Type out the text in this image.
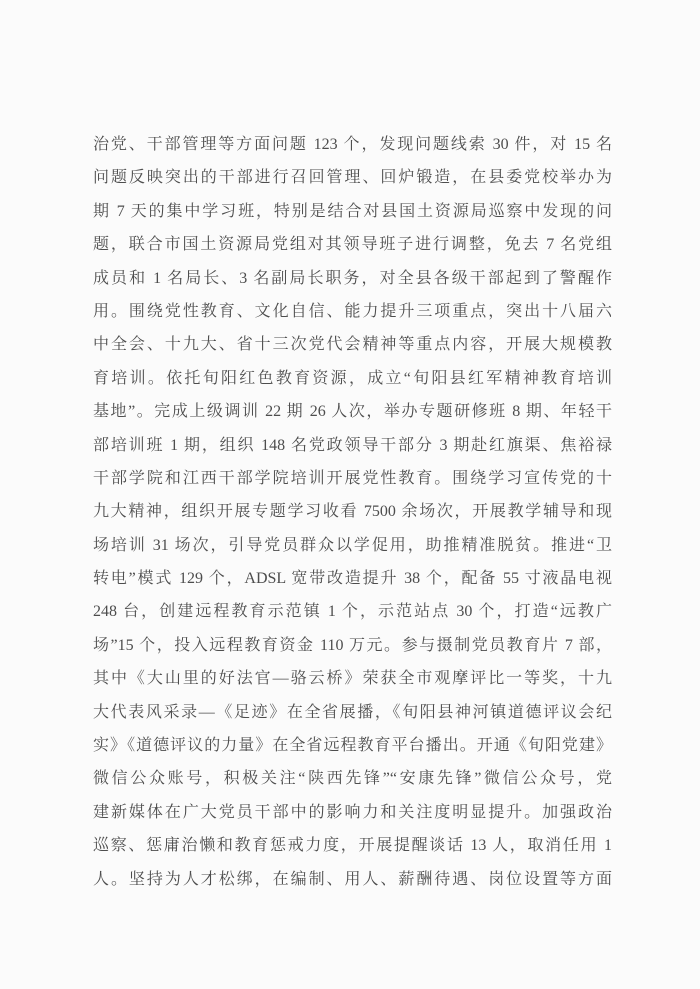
治党、干部管理等方面问题 123 个，发现问题线索 30 件，对 15 名
问题反映突出的干部进行召回管理、回炉锻造，在县委党校举办为
期 7 天的集中学习班，特别是结合对县国土资源局巡察中发现的问
题，联合市国土资源局党组对其领导班子进行调整，免去 7 名党组
成员和 1 名局长、3 名副局长职务，对全县各级干部起到了警醒作
用。围绕党性教育、文化自信、能力提升三项重点，突出十八届六
中全会、十九大、省十三次党代会精神等重点内容，开展大规模教
育培训。依托旬阳红色教育资源，成立“旬阳县红军精神教育培训
基地”。完成上级调训 22 期 26 人次，举办专题研修班 8 期、年轻干
部培训班 1 期，组织 148 名党政领导干部分 3 期赴红旗渠、焦裕禄
干部学院和江西干部学院培训开展党性教育。围绕学习宣传党的十
九大精神，组织开展专题学习收看 7500 余场次，开展教学辅导和现
场培训 31 场次，引导党员群众以学促用，助推精准脱贫。推进“卫
转电”模式 129 个，ADSL 宽带改造提升 38 个，配备 55 寸液晶电视
248 台，创建远程教育示范镇 1 个，示范站点 30 个，打造“远教广
场”15 个，投入远程教育资金 110 万元。参与摄制党员教育片 7 部，
其中《大山里的好法官—骆云桥》荣获全市观摩评比一等奖，十九
大代表风采录—《足迹》在全省展播，《旬阳县神河镇道德评议会纪
实》《道德评议的力量》在全省远程教育平台播出。开通《旬阳党建》
微信公众账号，积极关注“陕西先锋”“安康先锋”微信公众号，党
建新媒体在广大党员干部中的影响力和关注度明显提升。加强政治
巡察、惩庸治懒和教育惩戒力度，开展提醒谈话 13 人，取消任用 1
人。坚持为人才松绑，在编制、用人、薪酬待遇、岗位设置等方面
